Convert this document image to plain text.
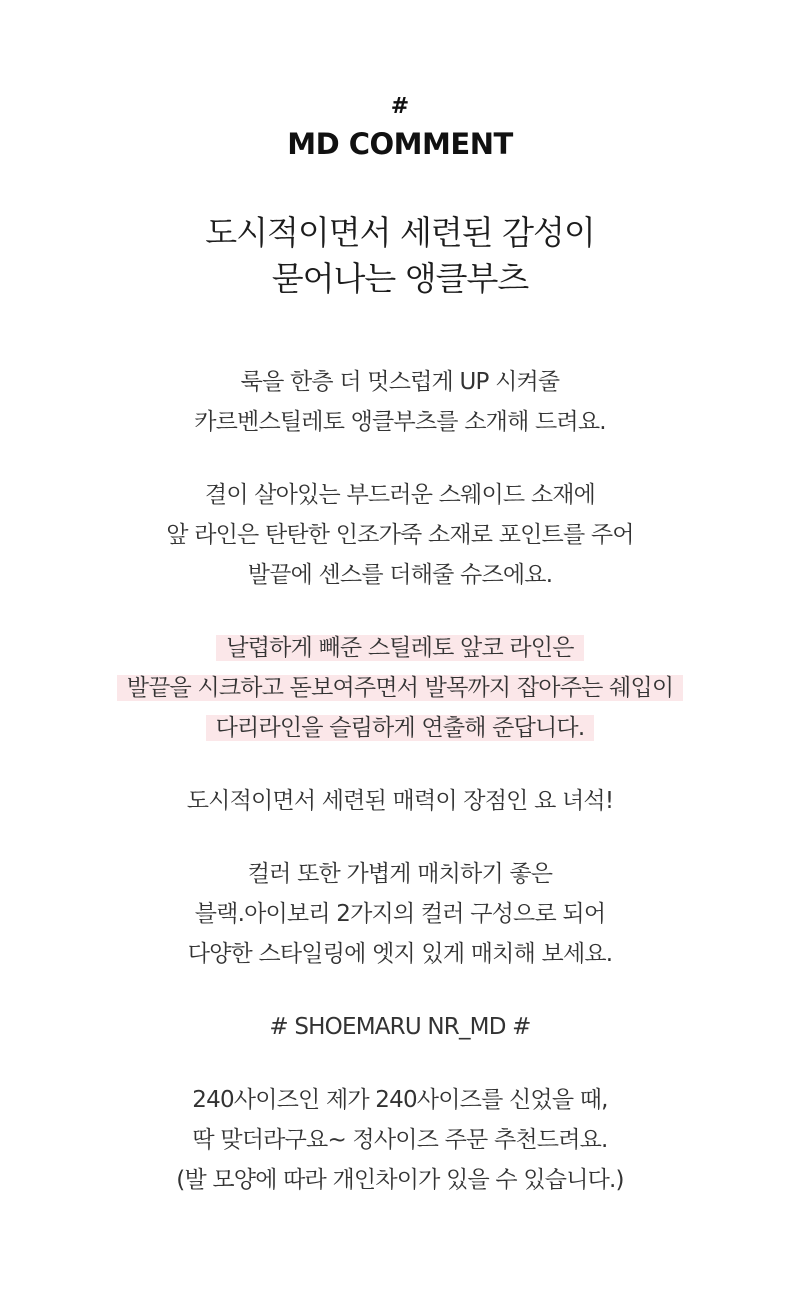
#
MD COMMENT
도시적이면서 세련된 감성이
묻어나는 앵클부츠
룩을 한층 더 멋스럽게 UP 시켜줄
카르벤스틸레토 앵클부츠를 소개해 드려요.
결이 살아있는 부드러운 스웨이드 소재에
앞 라인은 탄탄한 인조가죽 소재로 포인트를 주어
발끝에 센스를 더해줄 슈즈에요.
날렵하게 빼준 스틸레토 앞코 라인은
발끝을 시크하고 돋보여주면서 발목까지 잡아주는 쉐입이
다리라인을 슬림하게 연출해 준답니다.
도시적이면서 세련된 매력이 장점인 요 녀석!
컬러 또한 가볍게 매치하기 좋은
블랙.아이보리 2가지의 컬러 구성으로 되어
다양한 스타일링에 엣지 있게 매치해 보세요.
# SHOEMARU NR_MD #
240사이즈인 제가 240사이즈를 신었을 때,
딱 맞더라구요~ 정사이즈 주문 추천드려요.
(발 모양에 따라 개인차이가 있을 수 있습니다.)
